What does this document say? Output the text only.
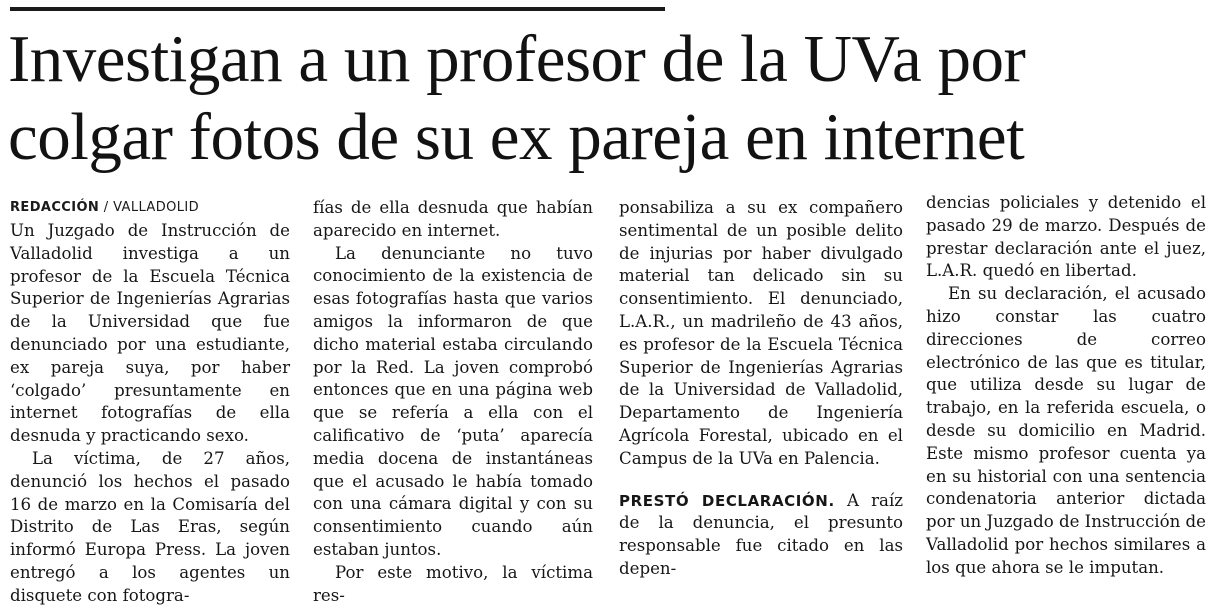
Investigan a un profesor de la UVa por
colgar fotos de su ex pareja en internet
REDACCIÓN / VALLADOLID

Un Juzgado de Instrucción de Valladolid investiga a un profesor de la Escuela Técnica Superior de Ingenierías Agrarias de la Universidad que fue denunciado por una estudiante, ex pareja suya, por haber ‘colgado’ presuntamente en internet fotografías de ella desnuda y practicando sexo.

La víctima, de 27 años, denunció los hechos el pasado 16 de marzo en la Comisaría del Distrito de Las Eras, según informó Europa Press. La joven entregó a los agentes un disquete con fotogra-

fías de ella desnuda que habían aparecido en internet.

La denunciante no tuvo conocimiento de la existencia de esas fotografías hasta que varios amigos la informaron de que dicho material estaba circulando por la Red. La joven comprobó entonces que en una página web que se refería a ella con el calificativo de ‘puta’ aparecía media docena de instantáneas que el acusado le había tomado con una cámara digital y con su consentimiento cuando aún estaban juntos.

Por este motivo, la víctima res-

ponsabiliza a su ex compañero sentimental de un posible delito de injurias por haber divulgado material tan delicado sin su consentimiento. El denunciado, L.A.R., un madrileño de 43 años, es profesor de la Escuela Técnica Superior de Ingenierías Agrarias de la Universidad de Valladolid, Departamento de Ingeniería Agrícola Forestal, ubicado en el Campus de la UVa en Palencia.

PRESTÓ DECLARACIÓN. A raíz de la denuncia, el presunto responsable fue citado en las depen-

dencias policiales y detenido el pasado 29 de marzo. Después de prestar declaración ante el juez, L.A.R. quedó en libertad.

En su declaración, el acusado hizo constar las cuatro direcciones de correo electrónico de las que es titular, que utiliza desde su lugar de trabajo, en la referida escuela, o desde su domicilio en Madrid. Este mismo profesor cuenta ya en su historial con una sentencia condenatoria anterior dictada por un Juzgado de Instrucción de Valladolid por hechos similares a los que ahora se le imputan.
